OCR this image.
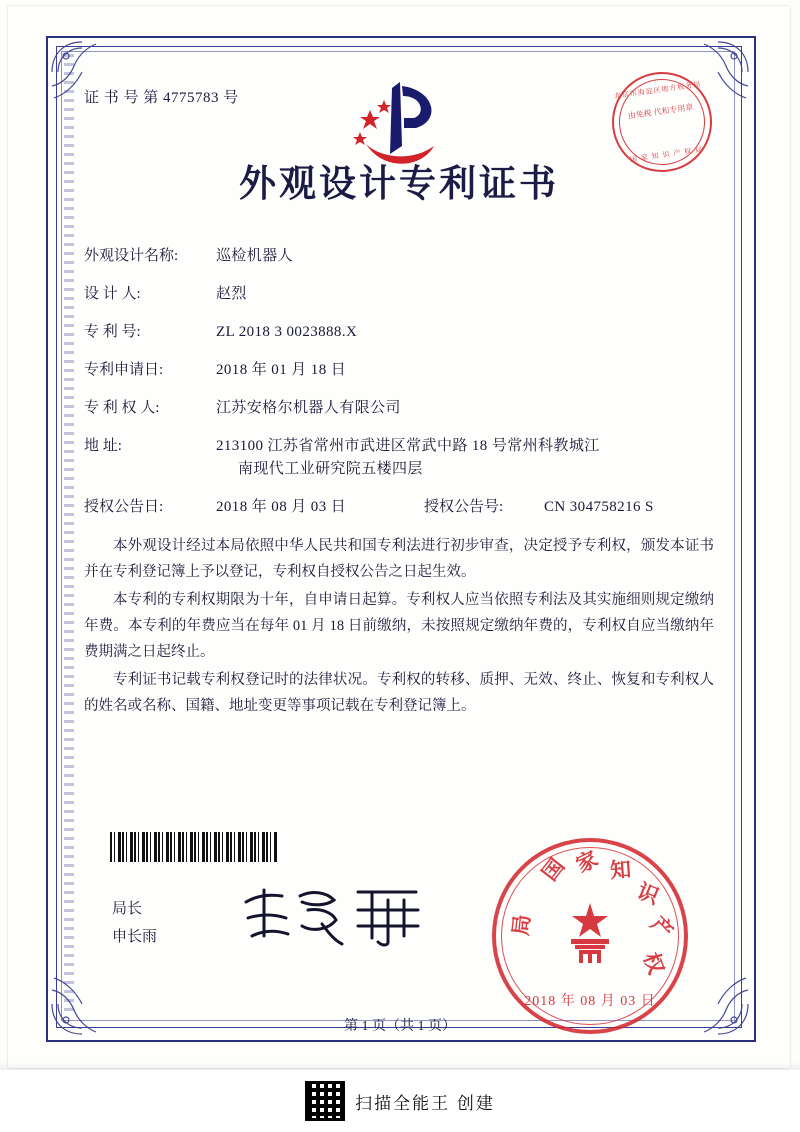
北京市海淀区地方税务局
由免税 代和专用章
国 家 知 识 产 权 局
证 书 号 第 4775783 号
外观设计专利证书
外观设计名称:	巡检机器人
设 计 人:	赵烈
专 利 号:	ZL 2018 3 0023888.X
专利申请日:	2018 年 01 月 18 日
专 利 权 人:	江苏安格尔机器人有限公司
地 址:	213100 江苏省常州市武进区常武中路 18 号常州科教城江
南现代工业研究院五楼四层
授权公告日:	2018 年 08 月 03 日	授权公告号:	CN 304758216 S

本外观设计经过本局依照中华人民共和国专利法进行初步审查，决定授予专利权，颁发本证书并在专利登记簿上予以登记，专利权自授权公告之日起生效。

本专利的专利权期限为十年，自申请日起算。专利权人应当依照专利法及其实施细则规定缴纳年费。本专利的年费应当在每年 01 月 18 日前缴纳，未按照规定缴纳年费的，专利权自应当缴纳年费期满之日起终止。

专利证书记载专利权登记时的法律状况。专利权的转移、质押、无效、终止、恢复和专利权人的姓名或名称、国籍、地址变更等事项记载在专利登记簿上。

局长
申长雨
国 家 知
识
产
权
局
2018 年 08 月 03 日
第 1 页（共 1 页）
扫描全能王 创建
